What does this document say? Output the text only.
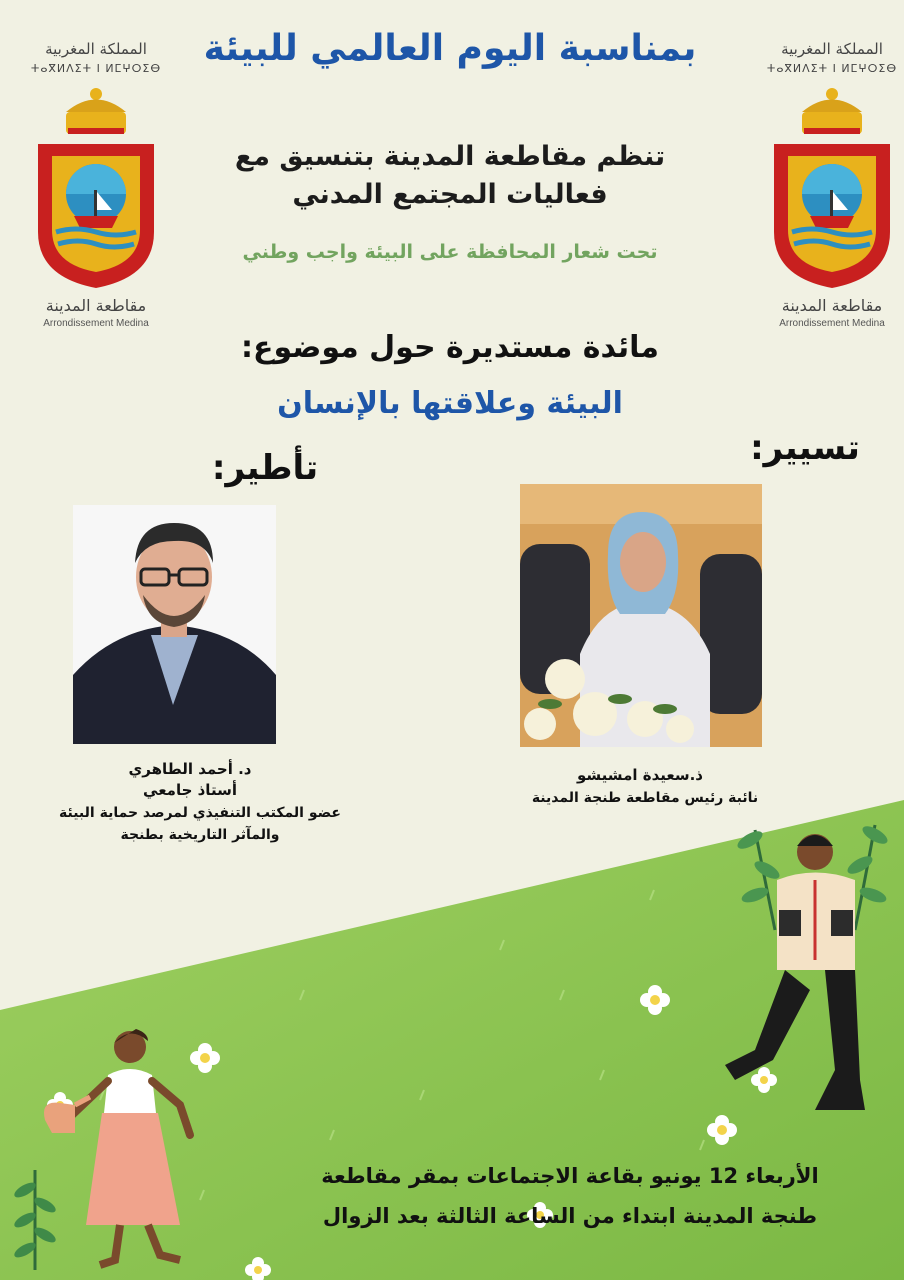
المملكة المغربية
ⵜⴰⴳⵍⴷⵉⵜ ⵏ ⵍⵎⵖⵔⵉⴱ
مقاطعة المدينة
Arrondissement Medina
المملكة المغربية
ⵜⴰⴳⵍⴷⵉⵜ ⵏ ⵍⵎⵖⵔⵉⴱ
مقاطعة المدينة
Arrondissement Medina
بمناسبة اليوم العالمي للبيئة
تنظم مقاطعة المدينة بتنسيق مع
فعاليات المجتمع المدني
تحت شعار المحافظة على البيئة واجب وطني
مائدة مستديرة حول موضوع:
البيئة وعلاقتها بالإنسان
تأطير:	تسيير:
د. أحمد الطاهري
أستاذ جامعي
عضو المكتب التنفيذي لمرصد حماية البيئة
والمآثر التاريخية بطنجة
ذ.سعيدة امشيشو
نائبة رئيس مقاطعة طنجة المدينة
الأربعاء 12 يونيو بقاعة الاجتماعات بمقر مقاطعة
طنجة المدينة ابتداء من الساعة الثالثة بعد الزوال
